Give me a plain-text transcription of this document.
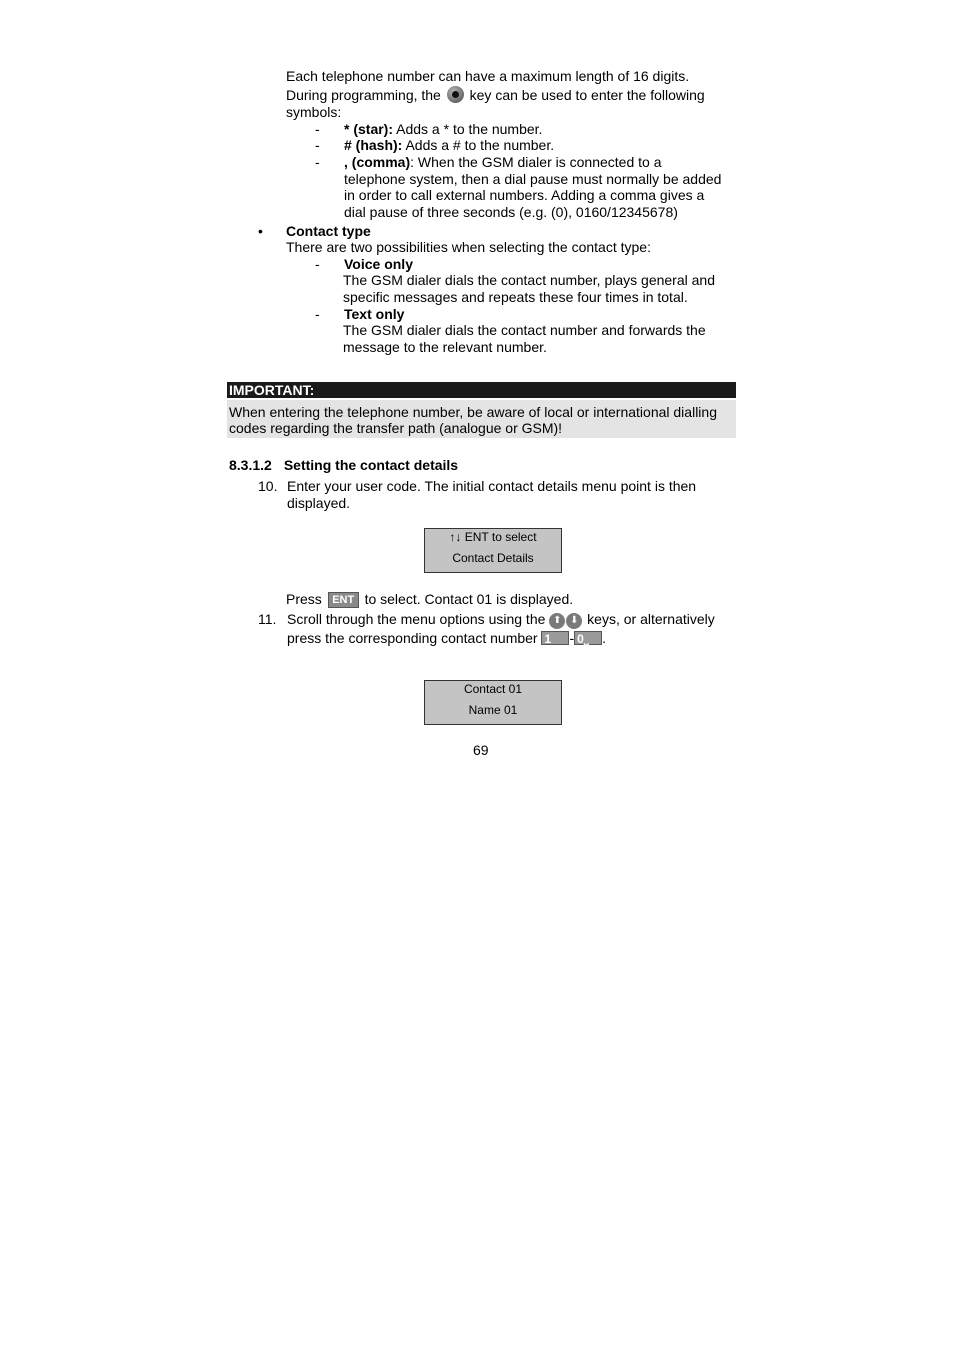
Each telephone number can have a maximum length of 16 digits.
During programming, the key can be used to enter the following
symbols:
- * (star): Adds a * to the number.
- # (hash): Adds a # to the number.
- , (comma): When the GSM dialer is connected to a
telephone system, then a dial pause must normally be added
in order to call external numbers. Adding a comma gives a
dial pause of three seconds (e.g. (0), 0160/12345678)
• Contact type
There are two possibilities when selecting the contact type:
- Voice only
The GSM dialer dials the contact number, plays general and
specific messages and repeats these four times in total.
- Text only
The GSM dialer dials the contact number and forwards the
message to the relevant number.
IMPORTANT:
When entering the telephone number, be aware of local or international dialling
codes regarding the transfer path (analogue or GSM)!
8.3.1.2 Setting the contact details
10. Enter your user code. The initial contact details menu point is then
displayed.
↑↓ ENT to select
Contact Details
Press ENT to select. Contact 01 is displayed.
11. Scroll through the menu options using the ⬆ ⬇ keys, or alternatively
press the corresponding contact number 1 - 0⎵ .
Contact 01
Name 01
69
